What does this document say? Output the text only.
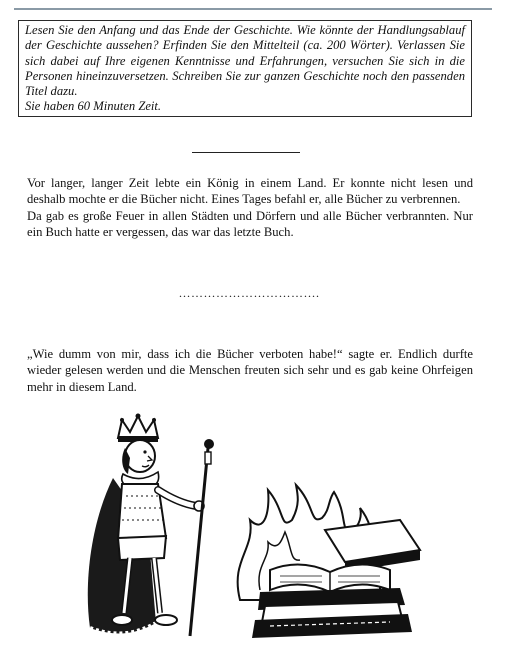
Lesen Sie den Anfang und das Ende der Geschichte. Wie könnte der Handlungsablauf der Geschichte aussehen? Erfinden Sie den Mittelteil (ca. 200 Wörter). Verlassen Sie sich dabei auf Ihre eigenen Kenntnisse und Erfahrungen, versuchen Sie sich in die Personen hineinzuversetzen. Schreiben Sie zur ganzen Geschichte noch den passenden Titel dazu.

Sie haben 60 Minuten Zeit.

Vor langer, langer Zeit lebte ein König in einem Land. Er konnte nicht lesen und deshalb mochte er die Bücher nicht. Eines Tages befahl er, alle Bücher zu verbrennen.

Da gab es große Feuer in allen Städten und Dörfern und alle Bücher verbrannten. Nur ein Buch hatte er vergessen, das war das letzte Buch.

…………………………….

„Wie dumm von mir, dass ich die Bücher verboten habe!“ sagte er. Endlich durfte wieder gelesen werden und die Menschen freuten sich sehr und es gab keine Ohrfeigen mehr in diesem Land.
